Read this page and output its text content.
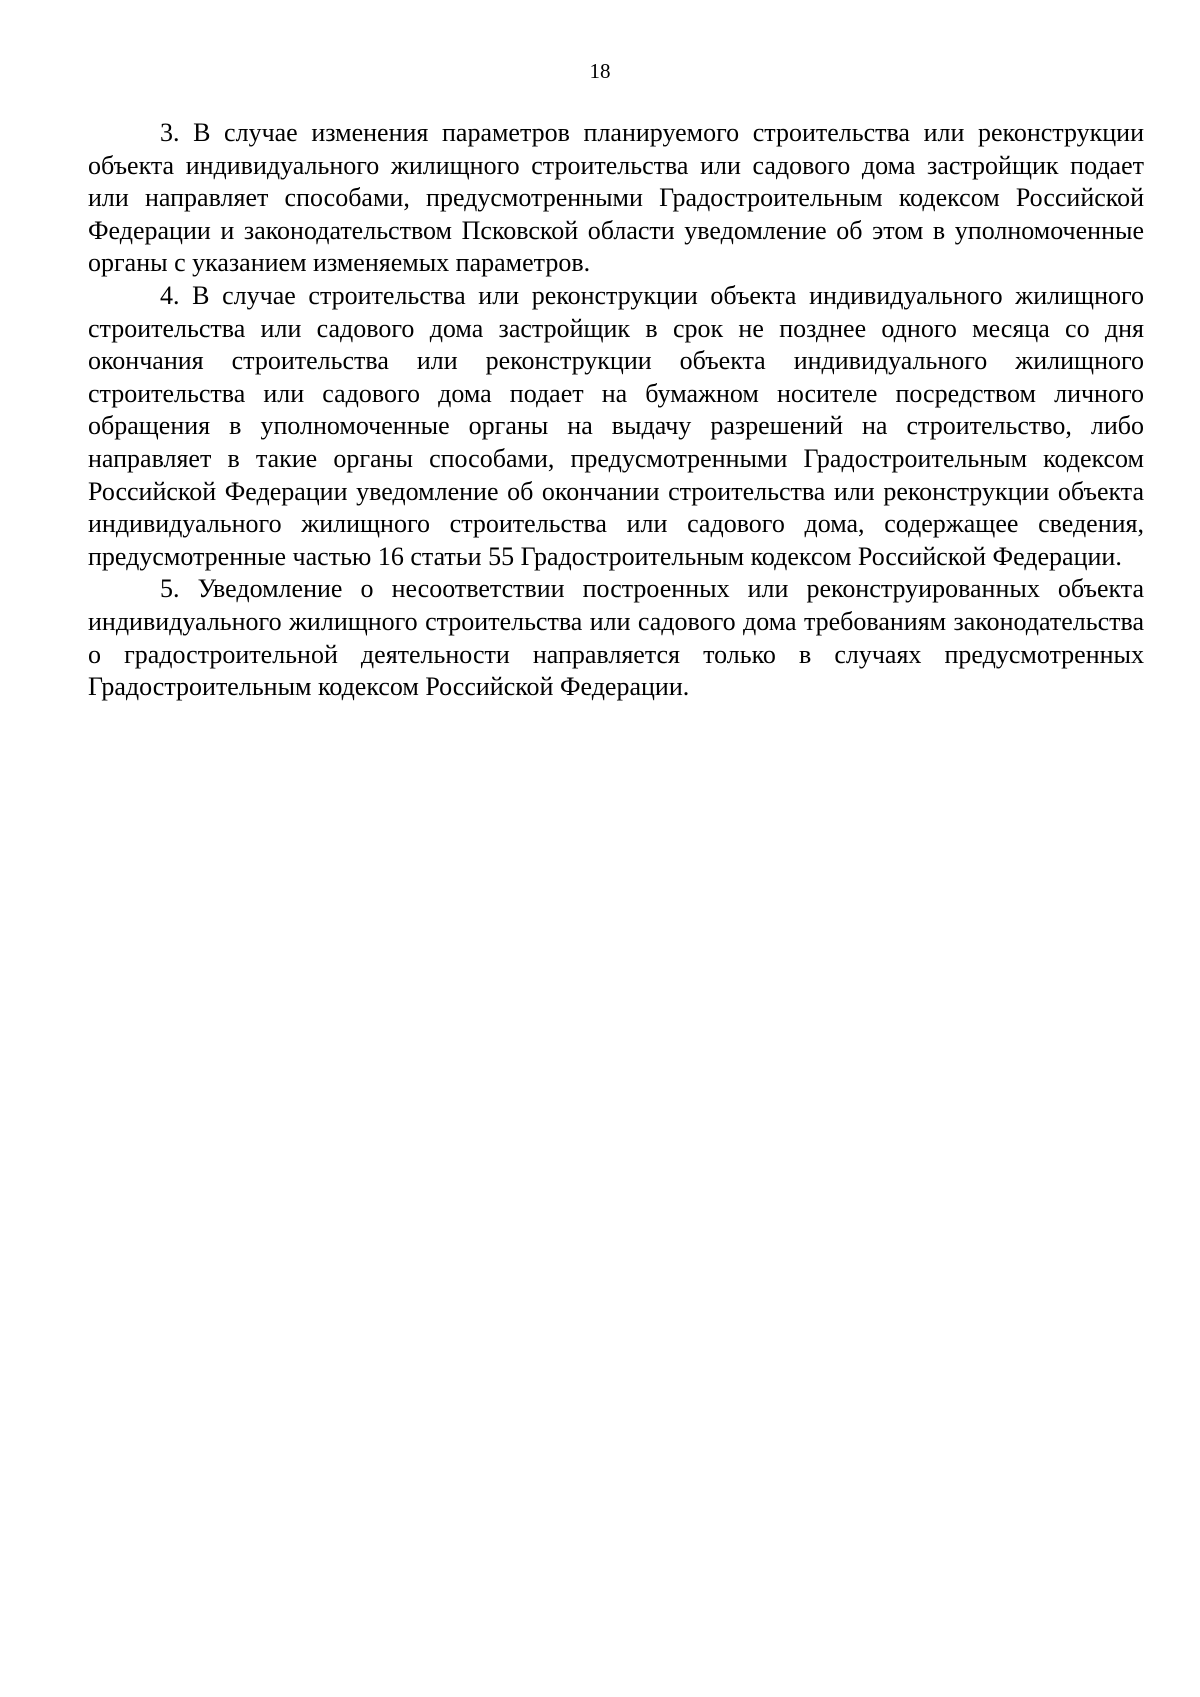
18

3. В случае изменения параметров планируемого строительства или реконструкции объекта индивидуального жилищного строительства или садового дома застройщик подает или направляет способами, предусмотренными Градостроительным кодексом Российской Федерации и законодательством Псковской области уведомление об этом в уполномоченные органы с указанием изменяемых параметров.

4. В случае строительства или реконструкции объекта индивидуального жилищного строительства или садового дома застройщик в срок не позднее одного месяца со дня окончания строительства или реконструкции объекта индивидуального жилищного строительства или садового дома подает на бумажном носителе посредством личного обращения в уполномоченные органы на выдачу разрешений на строительство, либо направляет в такие органы способами, предусмотренными Градостроительным кодексом Российской Федерации уведомление об окончании строительства или реконструкции объекта индивидуального жилищного строительства или садового дома, содержащее сведения, предусмотренные частью 16 статьи 55 Градостроительным кодексом Российской Федерации.

5. Уведомление о несоответствии построенных или реконструированных объекта индивидуального жилищного строительства или садового дома требованиям законодательства о градостроительной деятельности направляется только в случаях предусмотренных Градостроительным кодексом Российской Федерации.
